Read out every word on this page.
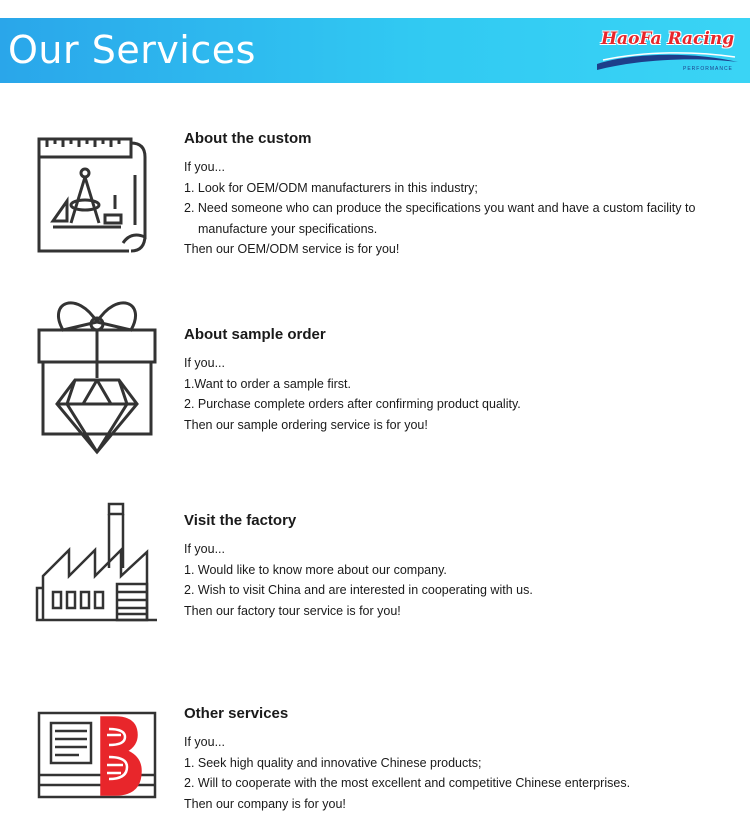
Our Services	HaoFa Racing
PERFORMANCE

About the custom

If you...

1. Look for OEM/ODM manufacturers in this industry;

2. Need someone who can produce the specifications you want and have a custom facility to

manufacture your specifications.

Then our OEM/ODM service is for you!

About sample order

If you...

1.Want to order a sample first.

2. Purchase complete orders after confirming product quality.

Then our sample ordering service is for you!

Visit the factory

If you...

1. Would like to know more about our company.

2. Wish to visit China and are interested in cooperating with us.

Then our factory tour service is for you!

Other services

If you...

1. Seek high quality and innovative Chinese products;

2. Will to cooperate with the most excellent and competitive Chinese enterprises.

Then our company is for you!
